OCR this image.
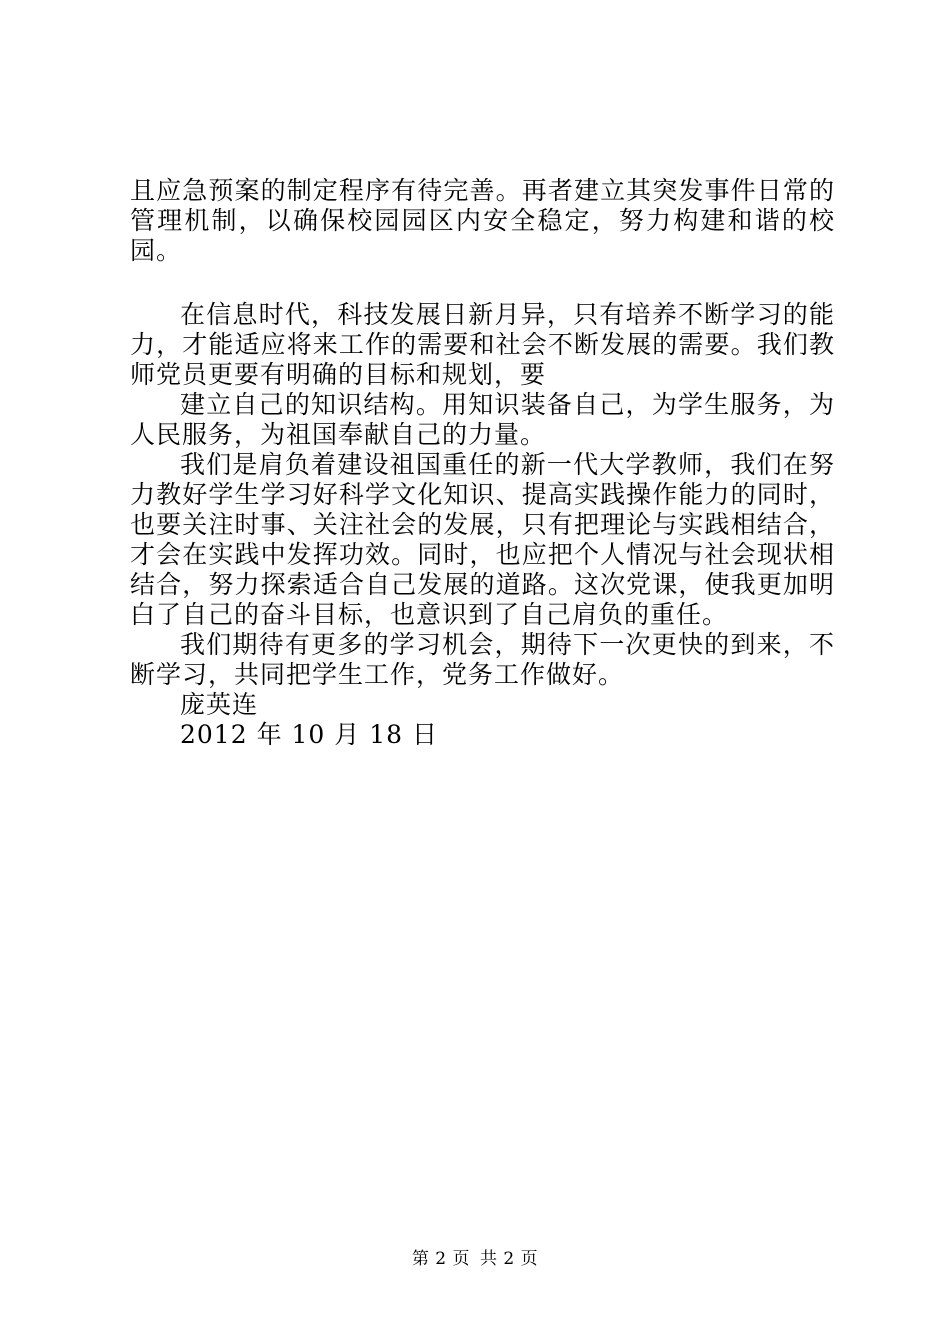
且应急预案的制定程序有待完善。再者建立其突发事件日常的管理机制，以确保校园园区内安全稳定，努力构建和谐的校园。

在信息时代，科技发展日新月异，只有培养不断学习的能力，才能适应将来工作的需要和社会不断发展的需要。我们教师党员更要有明确的目标和规划，要

建立自己的知识结构。用知识装备自己，为学生服务，为人民服务，为祖国奉献自己的力量。

我们是肩负着建设祖国重任的新一代大学教师，我们在努力教好学生学习好科学文化知识、提高实践操作能力的同时，也要关注时事、关注社会的发展，只有把理论与实践相结合，才会在实践中发挥功效。同时，也应把个人情况与社会现状相结合，努力探索适合自己发展的道路。这次党课，使我更加明白了自己的奋斗目标，也意识到了自己肩负的重任。

我们期待有更多的学习机会，期待下一次更快的到来，不断学习，共同把学生工作，党务工作做好。

庞英连

2012 年 10 月 18 日

第 2 页 共 2 页
